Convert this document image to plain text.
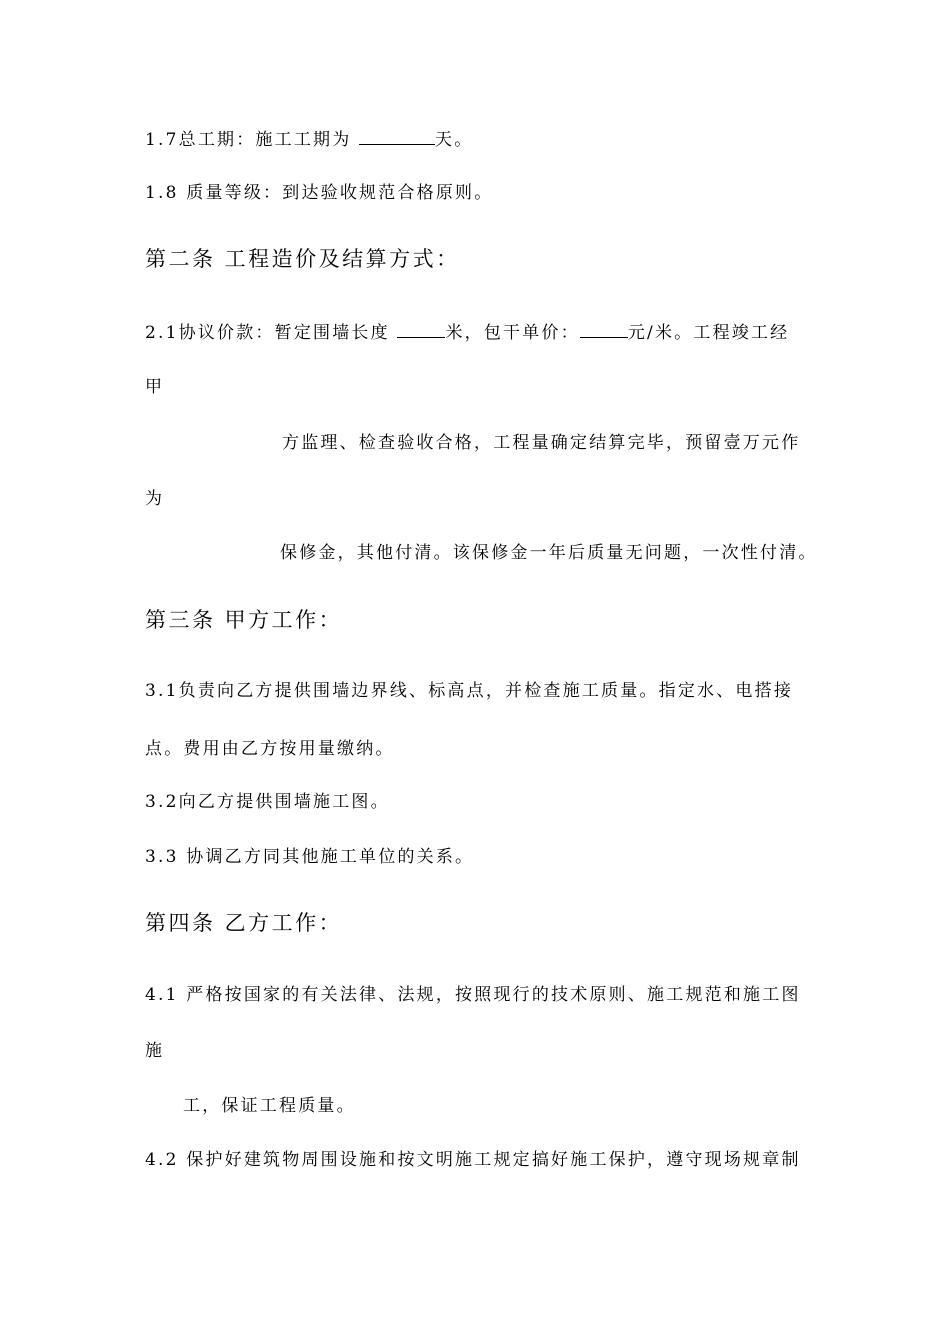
1.7总工期：施工工期为	天。
1.8 质量等级：到达验收规范合格原则。
第二条 工程造价及结算方式：
2.1协议价款：暂定围墙长度	米，包干单价：	元/米。工程竣工经
甲
方监理、检查验收合格，工程量确定结算完毕，预留壹万元作
为
保修金，其他付清。该保修金一年后质量无问题，一次性付清。
第三条 甲方工作：
3.1负责向乙方提供围墙边界线、标高点，并检查施工质量。指定水、电搭接
点。费用由乙方按用量缴纳。
3.2向乙方提供围墙施工图。
3.3 协调乙方同其他施工单位的关系。
第四条 乙方工作：
4.1 严格按国家的有关法律、法规，按照现行的技术原则、施工规范和施工图
施
工，保证工程质量。
4.2 保护好建筑物周围设施和按文明施工规定搞好施工保护，遵守现场规章制
